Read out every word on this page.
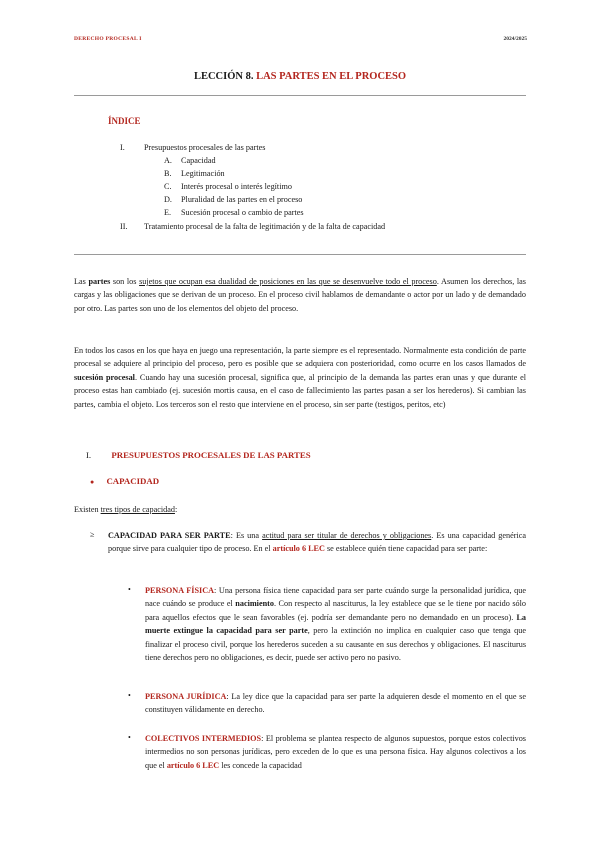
DERECHO PROCESAL I	2024/2025
LECCIÓN 8. LAS PARTES EN EL PROCESO
ÍNDICE
I. Presupuestos procesales de las partes
A. Capacidad
B. Legitimación
C. Interés procesal o interés legítimo
D. Pluralidad de las partes en el proceso
E. Sucesión procesal o cambio de partes
II. Tratamiento procesal de la falta de legitimación y de la falta de capacidad
Las partes son los sujetos que ocupan esa dualidad de posiciones en las que se desenvuelve todo el proceso. Asumen los derechos, las cargas y las obligaciones que se derivan de un proceso. En el proceso civil hablamos de demandante o actor por un lado y de demandado por otro. Las partes son uno de los elementos del objeto del proceso.
En todos los casos en los que haya en juego una representación, la parte siempre es el representado. Normalmente esta condición de parte procesal se adquiere al principio del proceso, pero es posible que se adquiera con posterioridad, como ocurre en los casos llamados de sucesión procesal. Cuando hay una sucesión procesal, significa que, al principio de la demanda las partes eran unas y que durante el proceso estas han cambiado (ej. sucesión mortis causa, en el caso de fallecimiento las partes pasan a ser los herederos). Si cambian las partes, cambia el objeto. Los terceros son el resto que interviene en el proceso, sin ser parte (testigos, peritos, etc)
I. PRESUPUESTOS PROCESALES DE LAS PARTES
● CAPACIDAD
Existen tres tipos de capacidad:
≥ CAPACIDAD PARA SER PARTE: Es una actitud para ser titular de derechos y obligaciones. Es una capacidad genérica porque sirve para cualquier tipo de proceso. En el artículo 6 LEC se establece quién tiene capacidad para ser parte:
• PERSONA FÍSICA: Una persona física tiene capacidad para ser parte cuándo surge la personalidad jurídica, que nace cuándo se produce el nacimiento. Con respecto al nasciturus, la ley establece que se le tiene por nacido sólo para aquellos efectos que le sean favorables (ej. podría ser demandante pero no demandado en un proceso). La muerte extingue la capacidad para ser parte, pero la extinción no implica en cualquier caso que tenga que finalizar el proceso civil, porque los herederos suceden a su causante en sus derechos y obligaciones. El nasciturus tiene derechos pero no obligaciones, es decir, puede ser activo pero no pasivo.
• PERSONA JURÍDICA: La ley dice que la capacidad para ser parte la adquieren desde el momento en el que se constituyen válidamente en derecho.
• COLECTIVOS INTERMEDIOS: El problema se plantea respecto de algunos supuestos, porque estos colectivos intermedios no son personas jurídicas, pero exceden de lo que es una persona física. Hay algunos colectivos a los que el artículo 6 LEC les concede la capacidad
